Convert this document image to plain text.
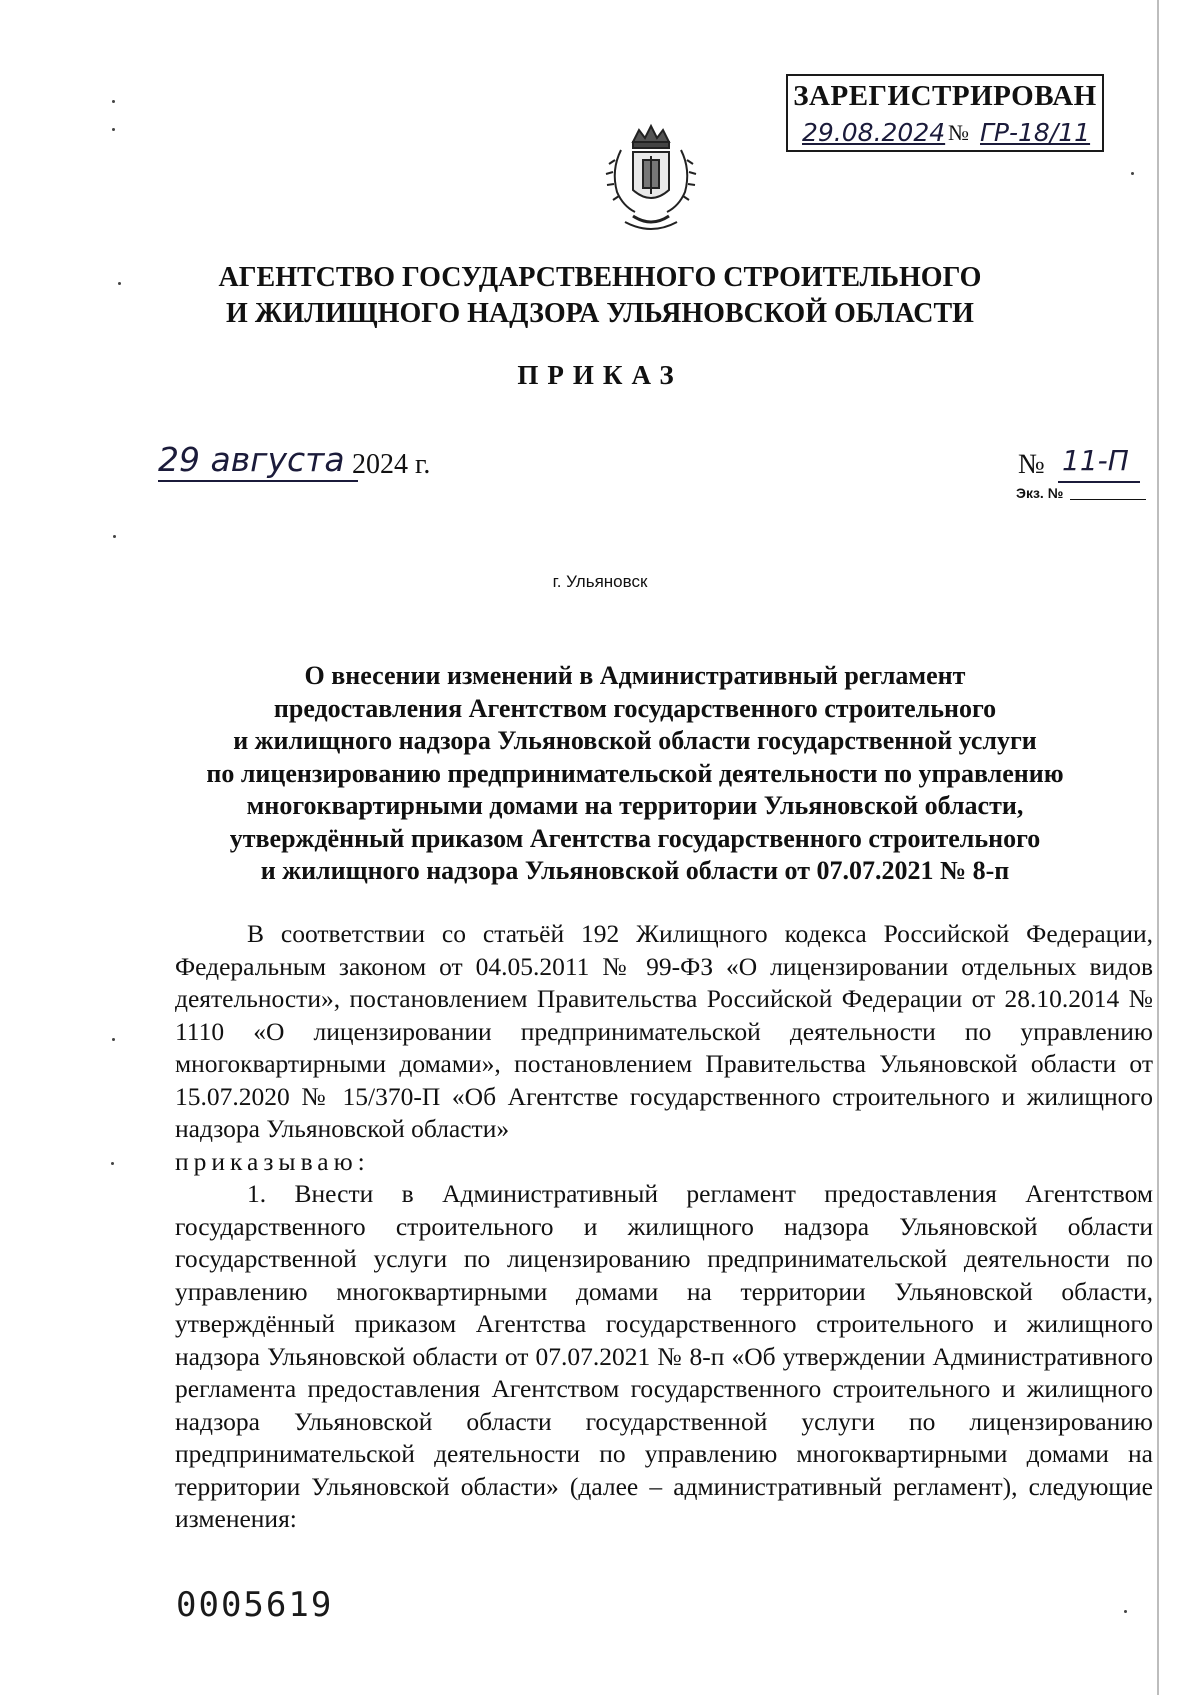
ЗАРЕГИСТРИРОВАН
29.08.2024 № ГР-18/11
АГЕНТСТВО ГОСУДАРСТВЕННОГО СТРОИТЕЛЬНОГО
И ЖИЛИЩНОГО НАДЗОРА УЛЬЯНОВСКОЙ ОБЛАСТИ
ПРИКАЗ
29 августа 2024 г.	№ 11-П
Экз. №
г. Ульяновск
О внесении изменений в Административный регламент
предоставления Агентством государственного строительного
и жилищного надзора Ульяновской области государственной услуги
по лицензированию предпринимательской деятельности по управлению
многоквартирными домами на территории Ульяновской области,
утверждённый приказом Агентства государственного строительного
и жилищного надзора Ульяновской области от 07.07.2021 № 8-п

В соответствии со статьёй 192 Жилищного кодекса Российской Федерации, Федеральным законом от 04.05.2011 № 99-ФЗ «О лицензировании отдельных видов деятельности», постановлением Правительства Российской Федерации от 28.10.2014 № 1110 «О лицензировании предпринимательской деятельности по управлению многоквартирными домами», постановлением Правительства Ульяновской области от 15.07.2020 № 15/370-П «Об Агентстве государственного строительного и жилищного надзора Ульяновской области»

приказываю:

1. Внести в Административный регламент предоставления Агентством государственного строительного и жилищного надзора Ульяновской области государственной услуги по лицензированию предпринимательской деятельности по управлению многоквартирными домами на территории Ульяновской области, утверждённый приказом Агентства государственного строительного и жилищного надзора Ульяновской области от 07.07.2021 № 8-п «Об утверждении Административного регламента предоставления Агентством государственного строительного и жилищного надзора Ульяновской области государственной услуги по лицензированию предпринимательской деятельности по управлению многоквартирными домами на территории Ульяновской области» (далее – административный регламент), следующие изменения:

0005619
